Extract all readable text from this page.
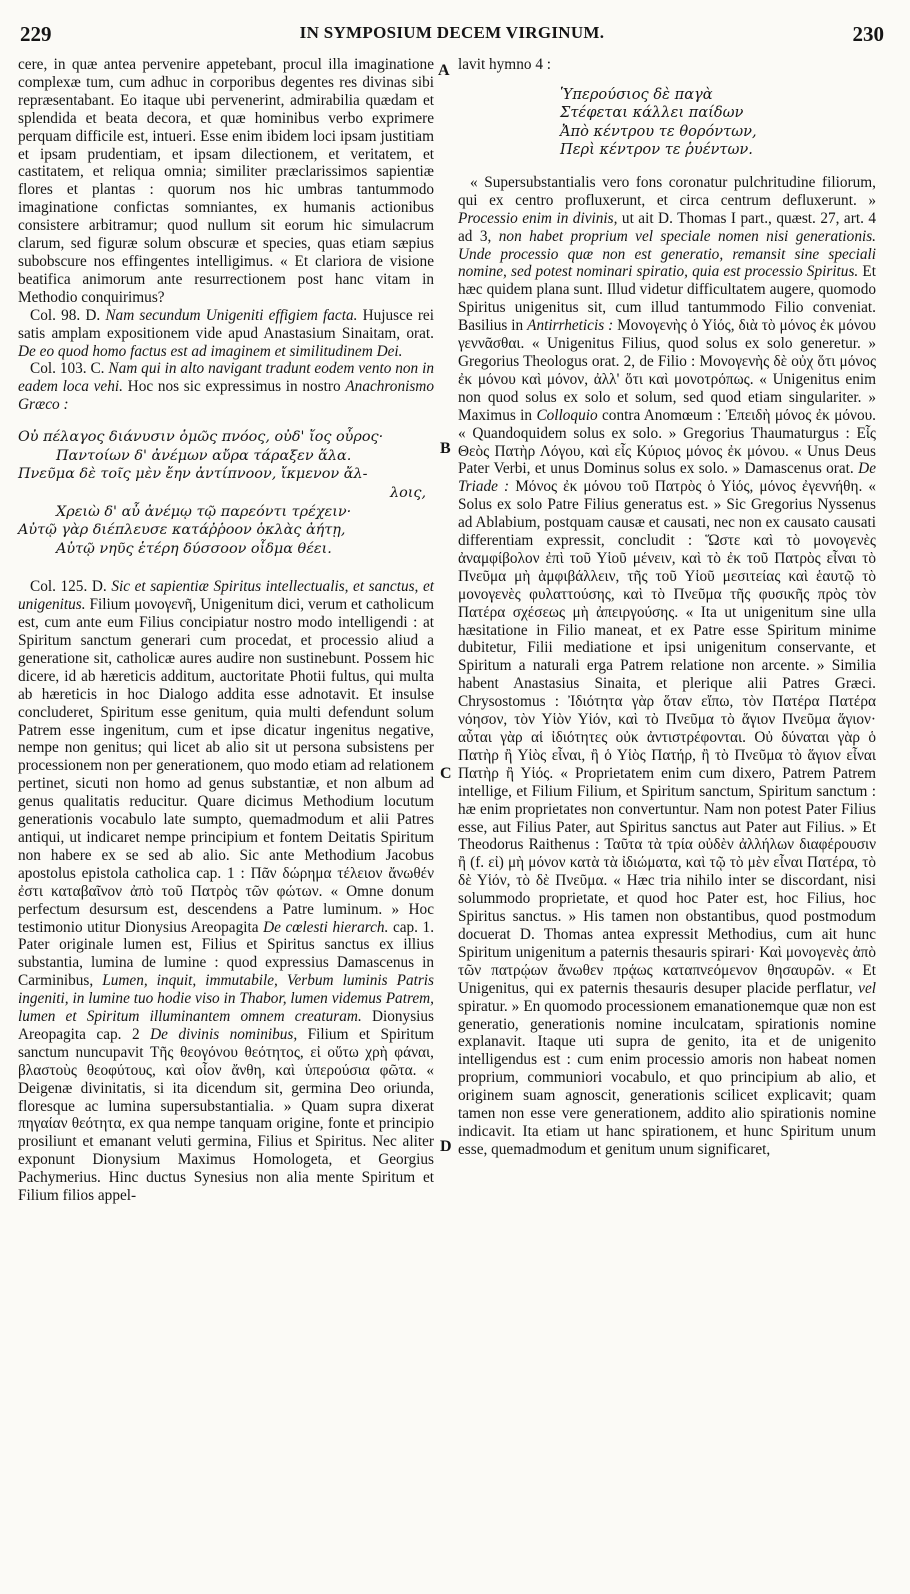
229	IN SYMPOSIUM DECEM VIRGINUM.	230
A
B
C
D

cere, in quæ antea pervenire appetebant, procul illa imaginatione complexæ tum, cum adhuc in corporibus degentes res divinas sibi repræsentabant. Eo itaque ubi pervenerint, admirabilia quædam et splendida et beata decora, et quæ hominibus verbo exprimere perquam difficile est, intueri. Esse enim ibidem loci ipsam justitiam et ipsam prudentiam, et ipsam dilectionem, et veritatem, et castitatem, et reliqua omnia; similiter præclarissimos sapientiæ flores et plantas : quorum nos hic umbras tantummodo imaginatione confictas somniantes, ex humanis actionibus consistere arbitramur; quod nullum sit eorum hic simulacrum clarum, sed figuræ solum obscuræ et species, quas etiam sæpius subobscure nos effingentes intelligimus. « Et clariora de visione beatifica animorum ante resurrectionem post hanc vitam in Methodio conquirimus?

Col. 98. D. Nam secundum Unigeniti effigiem facta. Hujusce rei satis amplam expositionem vide apud Anastasium Sinaitam, orat. De eo quod homo factus est ad imaginem et similitudinem Dei.

Col. 103. C. Nam qui in alto navigant tradunt eodem vento non in eadem loca vehi. Hoc nos sic expressimus in nostro Anachronismo Græco :

Οὐ πέλαγος διάνυσιν ὁμῶς πνόος, οὐδ' ἴος οὖρος·
Παντοίων δ' ἀνέμων αὔρα τάραξεν ἅλα.
Πνεῦμα δὲ τοῖς μὲν ἔην ἀντίπνοον, ἴκμενον ἄλ-
λοις,
Χρειὼ δ' αὖ ἀνέμῳ τῷ παρεόντι τρέχειν·
Αὐτῷ γὰρ διέπλευσε κατάῤῥοον ὁκλὰς ἀήτῃ,
Αὐτῷ νηῦς ἑτέρη δύσσοον οἶδμα θέει.

Col. 125. D. Sic et sapientiæ Spiritus intellectualis, et sanctus, et unigenitus. Filium μονογενῆ, Unigenitum dici, verum et catholicum est, cum ante eum Filius concipiatur nostro modo intelligendi : at Spiritum sanctum generari cum procedat, et processio aliud a generatione sit, catholicæ aures audire non sustinebunt. Possem hic dicere, id ab hæreticis additum, auctoritate Photii fultus, qui multa ab hæreticis in hoc Dialogo addita esse adnotavit. Et insulse concluderet, Spiritum esse genitum, quia multi defendunt solum Patrem esse ingenitum, cum et ipse dicatur ingenitus negative, nempe non genitus; qui licet ab alio sit ut persona subsistens per processionem non per generationem, quo modo etiam ad relationem pertinet, sicuti non homo ad genus substantiæ, et non album ad genus qualitatis reducitur. Quare dicimus Methodium locutum generationis vocabulo late sumpto, quemadmodum et alii Patres antiqui, ut indicaret nempe principium et fontem Deitatis Spiritum non habere ex se sed ab alio. Sic ante Methodium Jacobus apostolus epistola catholica cap. 1 : Πᾶν δώρημα τέλειον ἄνωθέν ἐστι καταβαῖνον ἀπὸ τοῦ Πατρὸς τῶν φώτων. « Omne donum perfectum desursum est, descendens a Patre luminum. » Hoc testimonio utitur Dionysius Areopagita De cœlesti hierarch. cap. 1. Pater originale lumen est, Filius et Spiritus sanctus ex illius substantia, lumina de lumine : quod expressius Damascenus in Carminibus, Lumen, inquit, immutabile, Verbum luminis Patris ingeniti, in lumine tuo hodie viso in Thabor, lumen videmus Patrem, lumen et Spiritum illuminantem omnem creaturam. Dionysius Areopagita cap. 2 De divinis nominibus, Filium et Spiritum sanctum nuncupavit Τῆς θεογόνου θεότητος, εἰ οὕτω χρὴ φάναι, βλαστοὺς θεοφύτους, καὶ οἷον ἄνθη, καὶ ὑπερούσια φῶτα. « Deigenæ divinitatis, si ita dicendum sit, germina Deo oriunda, floresque ac lumina supersubstantialia. » Quam supra dixerat πηγαίαν θεότητα, ex qua nempe tanquam origine, fonte et principio prosiliunt et emanant veluti germina, Filius et Spiritus. Nec aliter exponunt Dionysium Maximus Homologeta, et Georgius Pachymerius. Hinc ductus Synesius non alia mente Spiritum et Filium filios appel-

lavit hymno 4 :

Ὑπερούσιος δὲ παγὰ
Στέφεται κάλλει παίδων
Ἀπὸ κέντρου τε θορόντων,
Περὶ κέντρον τε ῥυέντων.

« Supersubstantialis vero fons coronatur pulchritudine filiorum, qui ex centro profluxerunt, et circa centrum defluxerunt. » Processio enim in divinis, ut ait D. Thomas I part., quæst. 27, art. 4 ad 3, non habet proprium vel speciale nomen nisi generationis. Unde processio quæ non est generatio, remansit sine speciali nomine, sed potest nominari spiratio, quia est processio Spiritus. Et hæc quidem plana sunt. Illud videtur difficultatem augere, quomodo Spiritus unigenitus sit, cum illud tantummodo Filio conveniat. Basilius in Antirrheticis : Μονογενὴς ὁ Υἱός, διὰ τὸ μόνος ἐκ μόνου γεννᾶσθαι. « Unigenitus Filius, quod solus ex solo generetur. » Gregorius Theologus orat. 2, de Filio : Μονογενὴς δὲ οὐχ ὅτι μόνος ἐκ μόνου καὶ μόνον, ἀλλ' ὅτι καὶ μονοτρόπως. « Unigenitus enim non quod solus ex solo et solum, sed quod etiam singulariter. » Maximus in Colloquio contra Anomœum : Ἐπειδὴ μόνος ἐκ μόνου. « Quandoquidem solus ex solo. » Gregorius Thaumaturgus : Εἷς Θεὸς Πατὴρ Λόγου, καὶ εἷς Κύριος μόνος ἐκ μόνου. « Unus Deus Pater Verbi, et unus Dominus solus ex solo. » Damascenus orat. De Triade : Μόνος ἐκ μόνου τοῦ Πατρὸς ὁ Υἱός, μόνος ἐγεννήθη. « Solus ex solo Patre Filius generatus est. » Sic Gregorius Nyssenus ad Ablabium, postquam causæ et causati, nec non ex causato causati differentiam expressit, concludit : Ὥστε καὶ τὸ μονογενὲς ἀναμφίβολον ἐπὶ τοῦ Υἱοῦ μένειν, καὶ τὸ ἐκ τοῦ Πατρὸς εἶναι τὸ Πνεῦμα μὴ ἀμφιβάλλειν, τῆς τοῦ Υἱοῦ μεσιτείας καὶ ἑαυτῷ τὸ μονογενὲς φυλαττούσης, καὶ τὸ Πνεῦμα τῆς φυσικῆς πρὸς τὸν Πατέρα σχέσεως μὴ ἀπειργούσης. « Ita ut unigenitum sine ulla hæsitatione in Filio maneat, et ex Patre esse Spiritum minime dubitetur, Filii mediatione et ipsi unigenitum conservante, et Spiritum a naturali erga Patrem relatione non arcente. » Similia habent Anastasius Sinaita, et plerique alii Patres Græci. Chrysostomus : Ἰδιότητα γὰρ ὅταν εἴπω, τὸν Πατέρα Πατέρα νόησον, τὸν Υἱὸν Υἱόν, καὶ τὸ Πνεῦμα τὸ ἅγιον Πνεῦμα ἅγιον· αὗται γὰρ αἱ ἰδιότητες οὐκ ἀντιστρέφονται. Οὐ δύναται γὰρ ὁ Πατὴρ ἢ Υἱὸς εἶναι, ἢ ὁ Υἱὸς Πατήρ, ἢ τὸ Πνεῦμα τὸ ἅγιον εἶναι Πατὴρ ἢ Υἱός. « Proprietatem enim cum dixero, Patrem Patrem intellige, et Filium Filium, et Spiritum sanctum, Spiritum sanctum : hæ enim proprietates non convertuntur. Nam non potest Pater Filius esse, aut Filius Pater, aut Spiritus sanctus aut Pater aut Filius. » Et Theodorus Raithenus : Ταῦτα τὰ τρία οὐδὲν ἀλλήλων διαφέρουσιν ἢ (f. εἰ) μὴ μόνον κατὰ τὰ ἰδιώματα, καὶ τῷ τὸ μὲν εἶναι Πατέρα, τὸ δὲ Υἱόν, τὸ δὲ Πνεῦμα. « Hæc tria nihilo inter se discordant, nisi solummodo proprietate, et quod hoc Pater est, hoc Filius, hoc Spiritus sanctus. » His tamen non obstantibus, quod postmodum docuerat D. Thomas antea expressit Methodius, cum ait hunc Spiritum unigenitum a paternis thesauris spirari· Καὶ μονογενὲς ἀπὸ τῶν πατρῴων ἄνωθεν πρᾴως καταπνεόμενον θησαυρῶν. « Et Unigenitus, qui ex paternis thesauris desuper placide perflatur, vel spiratur. » En quomodo processionem emanationemque quæ non est generatio, generationis nomine inculcatam, spirationis nomine explanavit. Itaque uti supra de genito, ita et de unigenito intelligendus est : cum enim processio amoris non habeat nomen proprium, communiori vocabulo, et quo principium ab alio, et originem suam agnoscit, generationis scilicet explicavit; quam tamen non esse vere generationem, addito alio spirationis nomine indicavit. Ita etiam ut hanc spirationem, et hunc Spiritum unum esse, quemadmodum et genitum unum significaret,
